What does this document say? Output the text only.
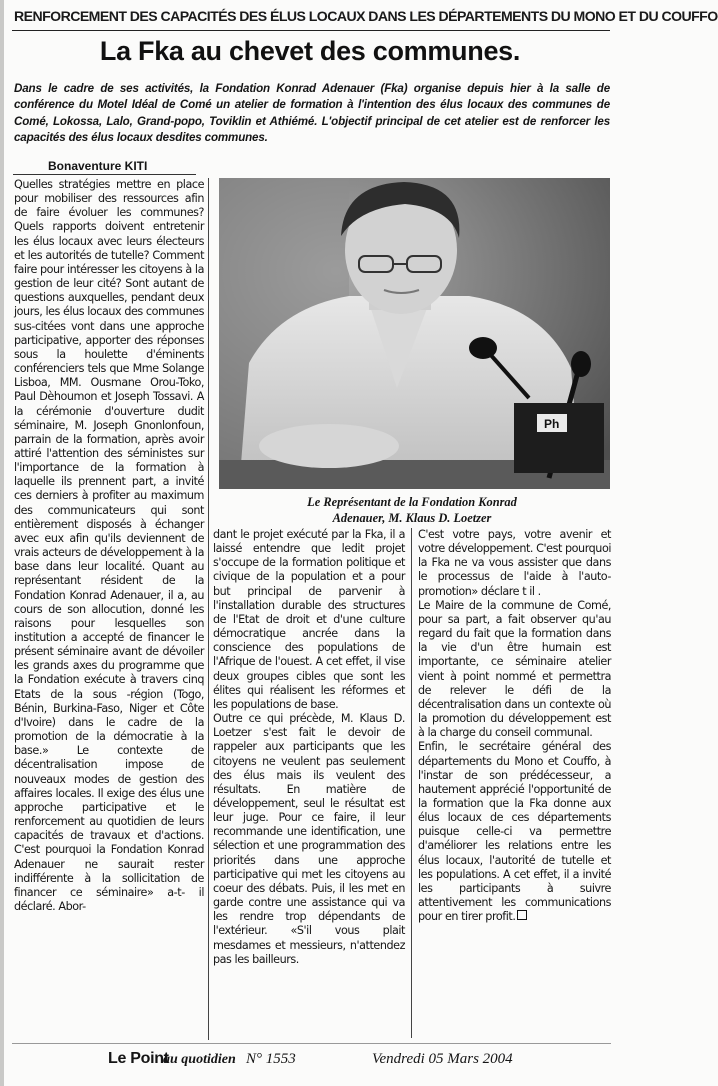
RENFORCEMENT DES CAPACITÉS DES ÉLUS LOCAUX DANS LES DÉPARTEMENTS DU MONO ET DU COUFFO
La Fka au chevet des communes.
Dans le cadre de ses activités, la Fondation Konrad Adenauer (Fka) organise depuis hier à la salle de conférence du Motel Idéal de Comé un atelier de formation à l'intention des élus locaux des communes de Comé, Lokossa, Lalo, Grand-popo, Toviklin et Athiémé. L'objectif principal de cet atelier est de renforcer les capacités des élus locaux desdites communes.
Bonaventure KITI

Quelles stratégies mettre en place pour mobiliser des ressources afin de faire évoluer les communes? Quels rapports doivent entretenir les élus locaux avec leurs électeurs et les autorités de tutelle? Comment faire pour intéresser les citoyens à la gestion de leur cité? Sont autant de questions auxquelles, pendant deux jours, les élus locaux des communes sus-citées vont dans une approche participative, apporter des réponses sous la houlette d'éminents conférenciers tels que Mme Solange Lisboa, MM. Ousmane Orou-Toko, Paul Dèhoumon et Joseph Tossavi. A la cérémonie d'ouverture dudit séminaire, M. Joseph Gnonlonfoun, parrain de la formation, après avoir attiré l'attention des séministes sur l'importance de la formation à laquelle ils prennent part, a invité ces derniers à profiter au maximum des communicateurs qui sont entièrement disposés à échanger avec eux afin qu'ils deviennent de vrais acteurs de développement à la base dans leur localité. Quant au représentant résident de la Fondation Konrad Adenauer, il a, au cours de son allocution, donné les raisons pour lesquelles son institution a accepté de financer le présent séminaire avant de dévoiler les grands axes du programme que la Fondation exécute à travers cinq Etats de la sous -région (Togo, Bénin, Burkina-Faso, Niger et Côte d'Ivoire) dans le cadre de la promotion de la démocratie à la base.» Le contexte de décentralisation impose de nouveaux modes de gestion des affaires locales. Il exige des élus une approche participative et le renforcement au quotidien de leurs capacités de travaux et d'actions. C'est pourquoi la Fondation Konrad Adenauer ne saurait rester indifférente à la sollicitation de financer ce séminaire» a-t- il déclaré. Abor-

Ph
Le Représentant de la Fondation Konrad
Adenauer, M. Klaus D. Loetzer

dant le projet exécuté par la Fka, il a laissé entendre que ledit projet s'occupe de la formation politique et civique de la population et a pour but principal de parvenir à l'installation durable des structures de l'Etat de droit et d'une culture démocratique ancrée dans la conscience des populations de l'Afrique de l'ouest. A cet effet, il vise deux groupes cibles que sont les élites qui réalisent les réformes et les populations de base.

Outre ce qui précède, M. Klaus D. Loetzer s'est fait le devoir de rappeler aux participants que les citoyens ne veulent pas seulement des élus mais ils veulent des résultats. En matière de développement, seul le résultat est leur juge. Pour ce faire, il leur recommande une identification, une sélection et une programmation des priorités dans une approche participative qui met les citoyens au coeur des débats. Puis, il les met en garde contre une assistance qui va les rendre trop dépendants de l'extérieur. «S'il vous plait mesdames et messieurs, n'attendez pas les bailleurs.

C'est votre pays, votre avenir et votre développement. C'est pourquoi la Fka ne va vous assister que dans le processus de l'aide à l'auto-promotion» déclare t il .

Le Maire de la commune de Comé, pour sa part, a fait observer qu'au regard du fait que la formation dans la vie d'un être humain est importante, ce séminaire atelier vient à point nommé et permettra de relever le défi de la décentralisation dans un contexte où la promotion du développement est à la charge du conseil communal.

Enfin, le secrétaire général des départements du Mono et Couffo, à l'instar de son prédécesseur, a hautement apprécié l'opportunité de la formation que la Fka donne aux élus locaux de ces départements puisque celle-ci va permettre d'améliorer les relations entre les élus locaux, l'autorité de tutelle et les populations. A cet effet, il a invité les participants à suivre attentivement les communications pour en tirer profit.

Le Point
au quotidien N° 1553	Vendredi 05 Mars 2004
